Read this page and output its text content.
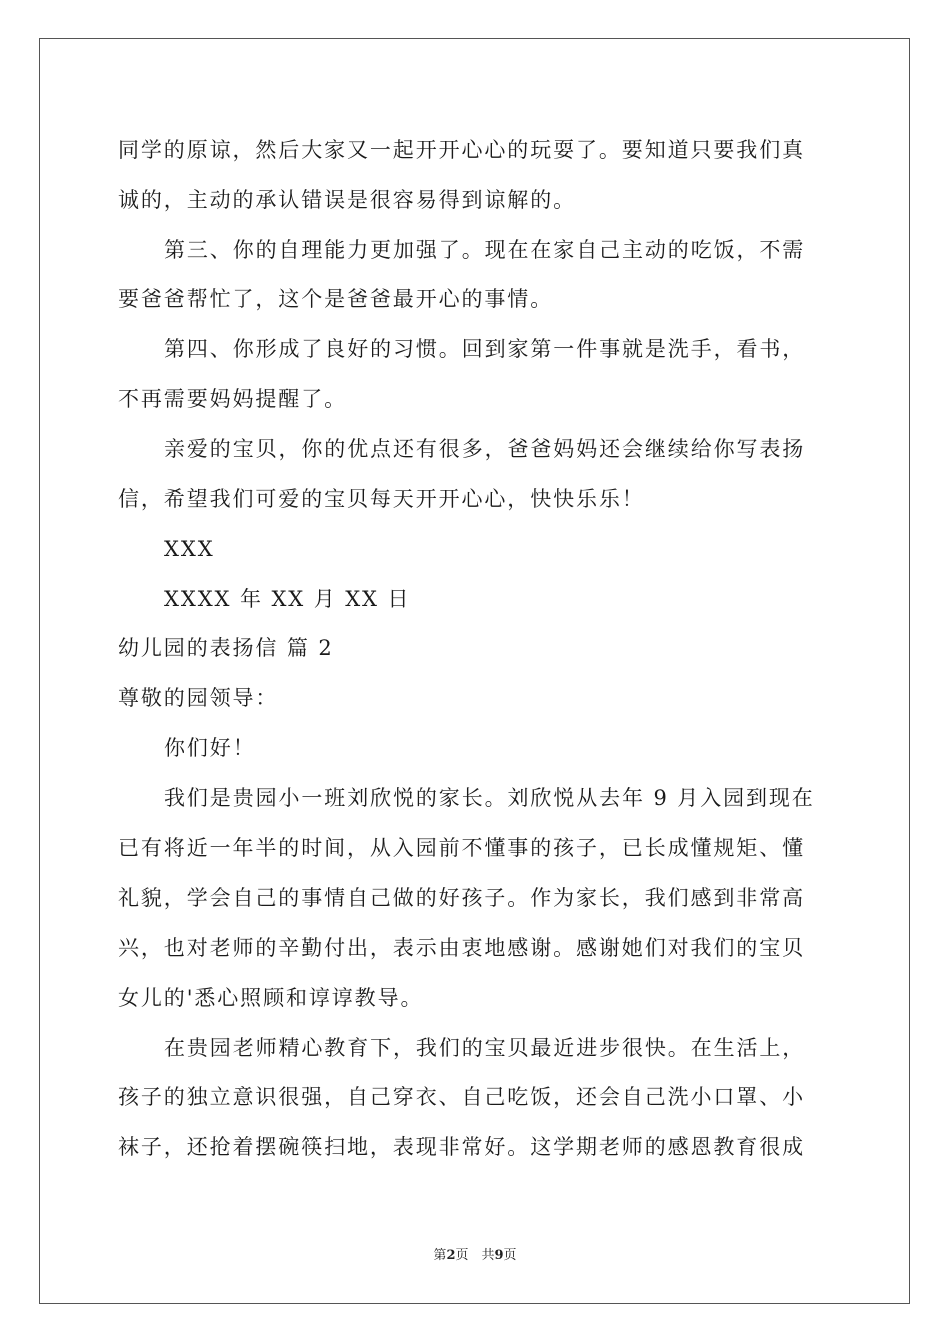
同学的原谅，然后大家又一起开开心心的玩耍了。要知道只要我们真
诚的，主动的承认错误是很容易得到谅解的。
第三、你的自理能力更加强了。现在在家自己主动的吃饭，不需
要爸爸帮忙了，这个是爸爸最开心的事情。
第四、你形成了良好的习惯。回到家第一件事就是洗手，看书，
不再需要妈妈提醒了。
亲爱的宝贝，你的优点还有很多，爸爸妈妈还会继续给你写表扬
信，希望我们可爱的宝贝每天开开心心，快快乐乐！
XXX
XXXX 年 XX 月 XX 日
幼儿园的表扬信 篇 2
尊敬的园领导：
你们好！
我们是贵园小一班刘欣悦的家长。刘欣悦从去年 9 月入园到现在
已有将近一年半的时间，从入园前不懂事的孩子，已长成懂规矩、懂
礼貌，学会自己的事情自己做的好孩子。作为家长，我们感到非常高
兴，也对老师的辛勤付出，表示由衷地感谢。感谢她们对我们的宝贝
女儿的'悉心照顾和谆谆教导。
在贵园老师精心教育下，我们的宝贝最近进步很快。在生活上，
孩子的独立意识很强，自己穿衣、自己吃饭，还会自己洗小口罩、小
袜子，还抢着摆碗筷扫地，表现非常好。这学期老师的感恩教育很成
第2页　共9页
